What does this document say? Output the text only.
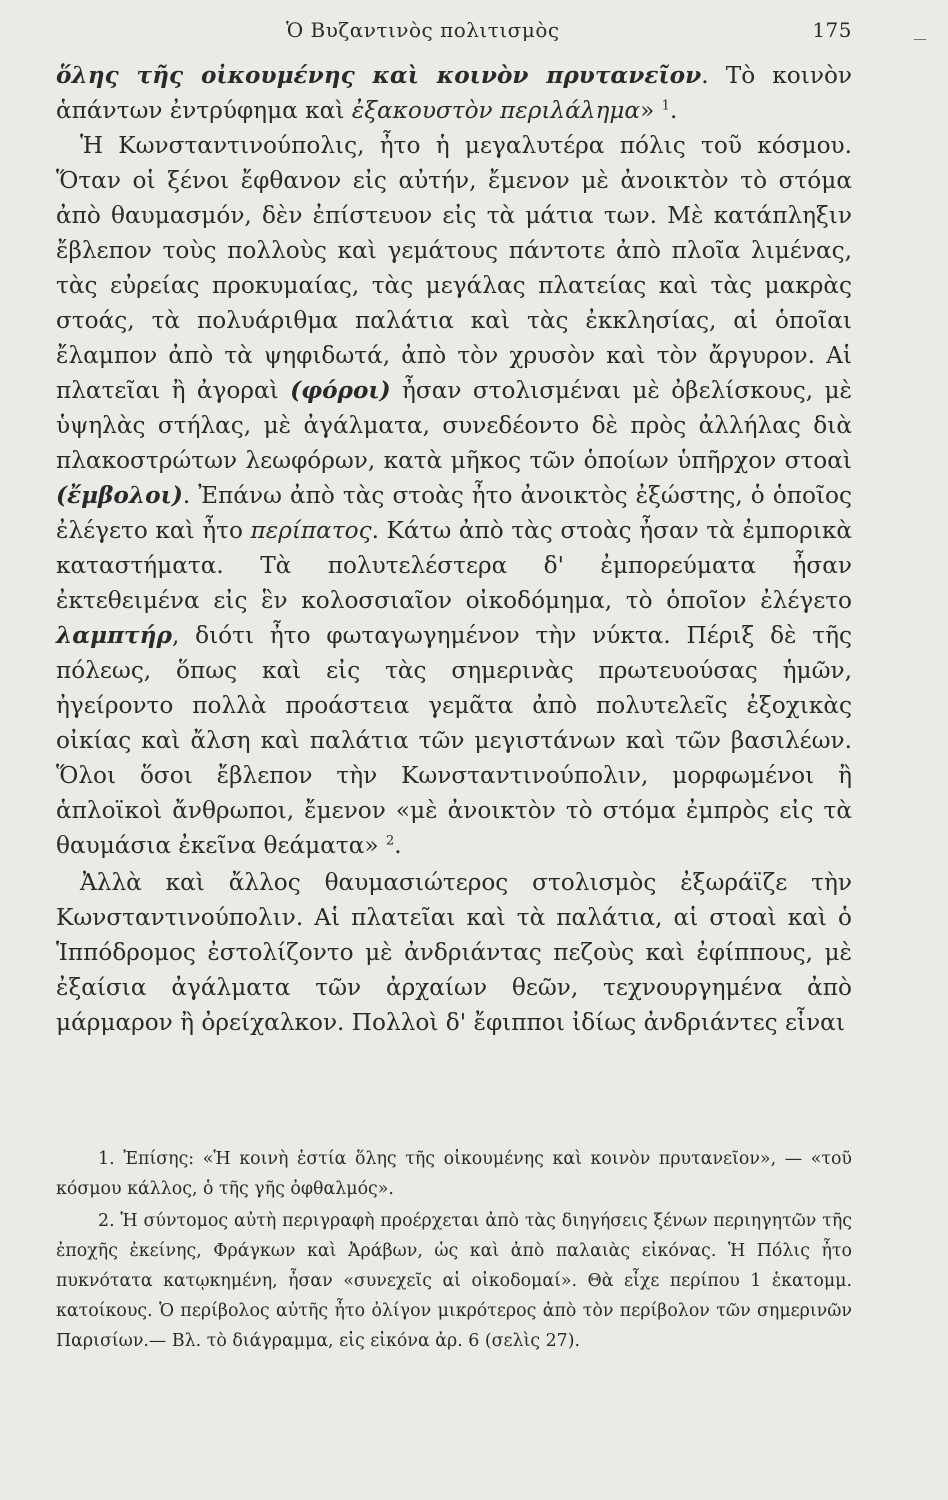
Ὁ Βυζαντινὸς πολιτισμὸς	175

ὅλης τῆς οἰκουμένης καὶ κοινὸν πρυτανεῖον. Τὸ κοινὸν ἁπάντων ἐντρύφημα καὶ ἐξακουστὸν περιλάλημα» $^1$.

Ἡ Κωνσταντινούπολις, ἦτο ἡ μεγαλυτέρα πόλις τοῦ κόσμου. Ὅταν οἱ ξένοι ἔφθανον εἰς αὐτήν, ἔμενον μὲ ἀνοικτὸν τὸ στόμα ἀπὸ θαυμασμόν, δὲν ἐπίστευον εἰς τὰ μάτια των. Μὲ κατάπληξιν ἔβλεπον τοὺς πολλοὺς καὶ γεμάτους πάντοτε ἀπὸ πλοῖα λιμένας, τὰς εὐρείας προκυμαίας, τὰς μεγάλας πλατείας καὶ τὰς μακρὰς στοάς, τὰ πολυάριθμα παλάτια καὶ τὰς ἐκκλησίας, αἱ ὁποῖαι ἔλαμπον ἀπὸ τὰ ψηφιδωτά, ἀπὸ τὸν χρυσὸν καὶ τὸν ἄργυρον. Αἱ πλατεῖαι ἢ ἀγοραὶ (φόροι) ἦσαν στολισμέναι μὲ ὀβελίσκους, μὲ ὑψηλὰς στήλας, μὲ ἀγάλματα, συνεδέοντο δὲ πρὸς ἀλλήλας διὰ πλακοστρώτων λεωφόρων, κατὰ μῆκος τῶν ὁποίων ὑπῆρχον στοαὶ (ἔμβολοι). Ἐπάνω ἀπὸ τὰς στοὰς ἦτο ἀνοικτὸς ἐξώστης, ὁ ὁποῖος ἐλέγετο καὶ ἦτο περίπατος. Κάτω ἀπὸ τὰς στοὰς ἦσαν τὰ ἐμπορικὰ καταστήματα. Τὰ πολυτελέστερα δ' ἐμπορεύματα ἦσαν ἐκτεθειμένα εἰς ἓν κολοσσιαῖον οἰκοδόμημα, τὸ ὁποῖον ἐλέγετο λαμπτήρ, διότι ἦτο φωταγωγημένον τὴν νύκτα. Πέριξ δὲ τῆς πόλεως, ὅπως καὶ εἰς τὰς σημερινὰς πρωτευούσας ἡμῶν, ἠγείροντο πολλὰ προάστεια γεμᾶτα ἀπὸ πολυτελεῖς ἐξοχικὰς οἰκίας καὶ ἄλση καὶ παλάτια τῶν μεγιστάνων καὶ τῶν βασιλέων. Ὅλοι ὅσοι ἔβλεπον τὴν Κωνσταντινούπολιν, μορφωμένοι ἢ ἁπλοϊκοὶ ἄνθρωποι, ἔμενον «μὲ ἀνοικτὸν τὸ στόμα ἐμπρὸς εἰς τὰ θαυμάσια ἐκεῖνα θεάματα» $^2$.

Ἀλλὰ καὶ ἄλλος θαυμασιώτερος στολισμὸς ἐξωράϊζε τὴν Κωνσταντινούπολιν. Αἱ πλατεῖαι καὶ τὰ παλάτια, αἱ στοαὶ καὶ ὁ Ἱππόδρομος ἐστολίζοντο μὲ ἀνδριάντας πεζοὺς καὶ ἐφίππους, μὲ ἐξαίσια ἀγάλματα τῶν ἀρχαίων θεῶν, τεχνουργημένα ἀπὸ μάρμαρον ἢ ὀρείχαλκον. Πολλοὶ δ' ἔφιπποι ἰδίως ἀνδριάντες εἶναι

1. Ἐπίσης: «Ἡ κοινὴ ἑστία ὅλης τῆς οἰκουμένης καὶ κοινὸν πρυτανεῖον», — «τοῦ κόσμου κάλλος, ὁ τῆς γῆς ὀφθαλμός».

2. Ἡ σύντομος αὐτὴ περιγραφὴ προέρχεται ἀπὸ τὰς διηγήσεις ξένων περιηγητῶν τῆς ἐποχῆς ἐκείνης, Φράγκων καὶ Ἀράβων, ὡς καὶ ἀπὸ παλαιὰς εἰκόνας. Ἡ Πόλις ἦτο πυκνότατα κατῳκημένη, ἦσαν «συνεχεῖς αἱ οἰκοδομαί». Θὰ εἶχε περίπου 1 ἑκατομμ. κατοίκους. Ὁ περίβολος αὐτῆς ἦτο ὀλίγον μικρότερος ἀπὸ τὸν περίβολον τῶν σημερινῶν Παρισίων.— Βλ. τὸ διάγραμμα, εἰς εἰκόνα ἀρ. 6 (σελὶς 27).
